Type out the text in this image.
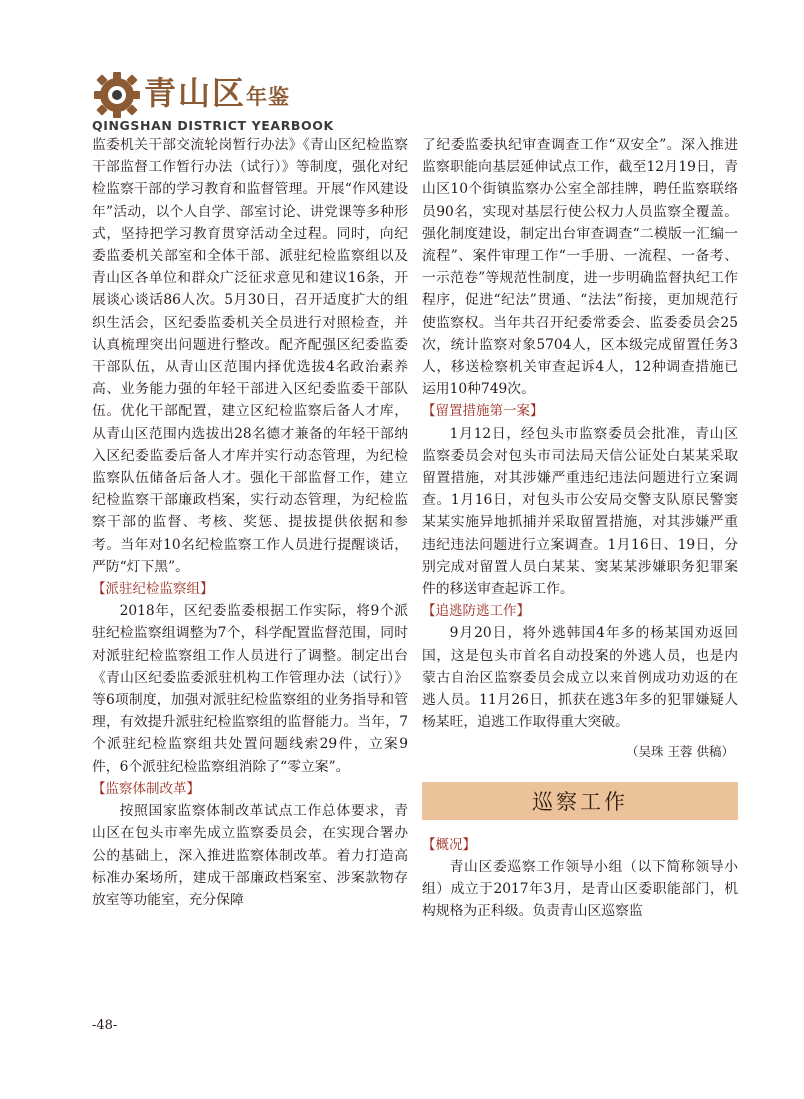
青山区年鉴
QINGSHAN DISTRICT YEARBOOK

监委机关干部交流轮岗暂行办法》《青山区纪检监察干部监督工作暂行办法（试行）》等制度，强化对纪检监察干部的学习教育和监督管理。开展“作风建设年”活动，以个人自学、部室讨论、讲党课等多种形式，坚持把学习教育贯穿活动全过程。同时，向纪委监委机关部室和全体干部、派驻纪检监察组以及青山区各单位和群众广泛征求意见和建议16条，开展谈心谈话86人次。5月30日，召开适度扩大的组织生活会，区纪委监委机关全员进行对照检查，并认真梳理突出问题进行整改。配齐配强区纪委监委干部队伍，从青山区范围内择优选拔4名政治素养高、业务能力强的年轻干部进入区纪委监委干部队伍。优化干部配置，建立区纪检监察后备人才库，从青山区范围内选拔出28名德才兼备的年轻干部纳入区纪委监委后备人才库并实行动态管理，为纪检监察队伍储备后备人才。强化干部监督工作，建立纪检监察干部廉政档案，实行动态管理，为纪检监察干部的监督、考核、奖惩、提拔提供依据和参考。当年对10名纪检监察工作人员进行提醒谈话，严防“灯下黑”。

【派驻纪检监察组】

2018年，区纪委监委根据工作实际，将9个派驻纪检监察组调整为7个，科学配置监督范围，同时对派驻纪检监察组工作人员进行了调整。制定出台《青山区纪委监委派驻机构工作管理办法（试行）》等6项制度，加强对派驻纪检监察组的业务指导和管理，有效提升派驻纪检监察组的监督能力。当年，7个派驻纪检监察组共处置问题线索29件，立案9件，6个派驻纪检监察组消除了“零立案”。

【监察体制改革】

按照国家监察体制改革试点工作总体要求，青山区在包头市率先成立监察委员会，在实现合署办公的基础上，深入推进监察体制改革。着力打造高标准办案场所，建成干部廉政档案室、涉案款物存放室等功能室，充分保障

了纪委监委执纪审查调查工作“双安全”。深入推进监察职能向基层延伸试点工作，截至12月19日，青山区10个街镇监察办公室全部挂牌，聘任监察联络员90名，实现对基层行使公权力人员监察全覆盖。强化制度建设，制定出台审查调查“二模版一汇编一流程”、案件审理工作“一手册、一流程、一备考、一示范卷”等规范性制度，进一步明确监督执纪工作程序，促进“纪法”贯通、“法法”衔接，更加规范行使监察权。当年共召开纪委常委会、监委委员会25次，统计监察对象5704人，区本级完成留置任务3人，移送检察机关审查起诉4人，12种调查措施已运用10种749次。

【留置措施第一案】

1月12日，经包头市监察委员会批准，青山区监察委员会对包头市司法局天信公证处白某某采取留置措施，对其涉嫌严重违纪违法问题进行立案调查。1月16日，对包头市公安局交警支队原民警窦某某实施异地抓捕并采取留置措施，对其涉嫌严重违纪违法问题进行立案调查。1月16日、19日，分别完成对留置人员白某某、窦某某涉嫌职务犯罪案件的移送审查起诉工作。

【追逃防逃工作】

9月20日，将外逃韩国4年多的杨某国劝返回国，这是包头市首名自动投案的外逃人员，也是内蒙古自治区监察委员会成立以来首例成功劝返的在逃人员。11月26日，抓获在逃3年多的犯罪嫌疑人杨某旺，追逃工作取得重大突破。

（吴珠 王蓉 供稿）
巡察工作
【概况】

青山区委巡察工作领导小组（以下简称领导小组）成立于2017年3月，是青山区委职能部门，机构规格为正科级。负责青山区巡察监

-48-
